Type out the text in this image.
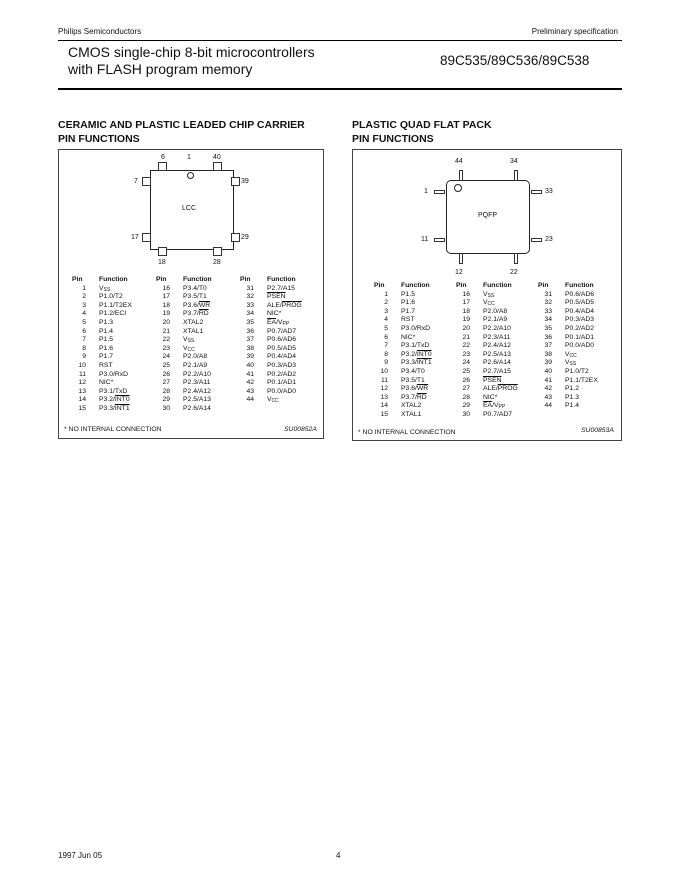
Philips Semiconductors	Preliminary specification
CMOS single-chip 8-bit microcontrollers
with FLASH program memory
89C535/89C536/89C538
CERAMIC AND PLASTIC LEADED CHIP CARRIER
PIN FUNCTIONS
LCC
6	1	40
7	39
17	29
18	28
Pin	Function
1 $V_{SS}$
2 P1.0/T2
3 P1.1/T2EX
4 P1.2/ECI
5 P1.3
6 P1.4
7 P1.5
8 P1.6
9 P1.7
10 RST
11 P3.0/RxD
12 NIC*
13 P3.1/TxD
14 P3.2/INT0
15 P3.3/INT1
Pin	Function
16 P3.4/T0
17 P3.5/T1
18 $P3.6/\overline{WR}$
19 $P3.7/\overline{RD}$
20 XTAL2
21 XTAL1
22 $V_{SS}$
23 $V_{CC}$
24 P2.0/A8
25 P2.1/A9
26 P2.2/A10
27 P2.3/A11
28 P2.4/A12
29 P2.5/A13
30 P2.6/A14
Pin	Function
31 P2.7/A15
32 PSEN
33 ALE/PROG
34 NIC*
35 $\overline{EA}/V_{PP}$
36 P0.7/AD7
37 P0.6/AD6
38 P0.5/AD5
39 P0.4/AD4
40 P0.3/AD3
41 P0.2/AD2
42 P0.1/AD1
43 P0.0/AD0
44 $V_{CC}$
* NO INTERNAL CONNECTION	SU00852A
PLASTIC QUAD FLAT PACK
PIN FUNCTIONS
PQFP
44	34
1	33
11	23
12	22
Pin	Function
1 P1.5
2 P1.6
3 P1.7
4 RST
5 P3.0/RxD
6 NIC*
7 P3.1/TxD
8 P3.2/INT0
9 P3.3/INT1
10 P3.4/T0
11 P3.5/T1
12 $P3.6/\overline{WR}$
13 $P3.7/\overline{RD}$
14 XTAL2
15 XTAL1
Pin	Function
16 $V_{SS}$
17 $V_{CC}$
18 P2.0/A8
19 P2.1/A9
20 P2.2/A10
21 P2.3/A11
22 P2.4/A12
23 P2.5/A13
24 P2.6/A14
25 P2.7/A15
26 PSEN
27 ALE/PROG
28 NIC*
29 $\overline{EA}/V_{PP}$
30 P0.7/AD7
Pin	Function
31 P0.6/AD6
32 P0.5/AD5
33 P0.4/AD4
34 P0.3/AD3
35 P0.2/AD2
36 P0.1/AD1
37 P0.0/AD0
38 $V_{CC}$
39 $V_{SS}$
40 P1.0/T2
41 P1.1/T2EX
42 P1.2
43 P1.3
44 P1.4
* NO INTERNAL CONNECTION	SU00853A
1997 Jun 05	4
